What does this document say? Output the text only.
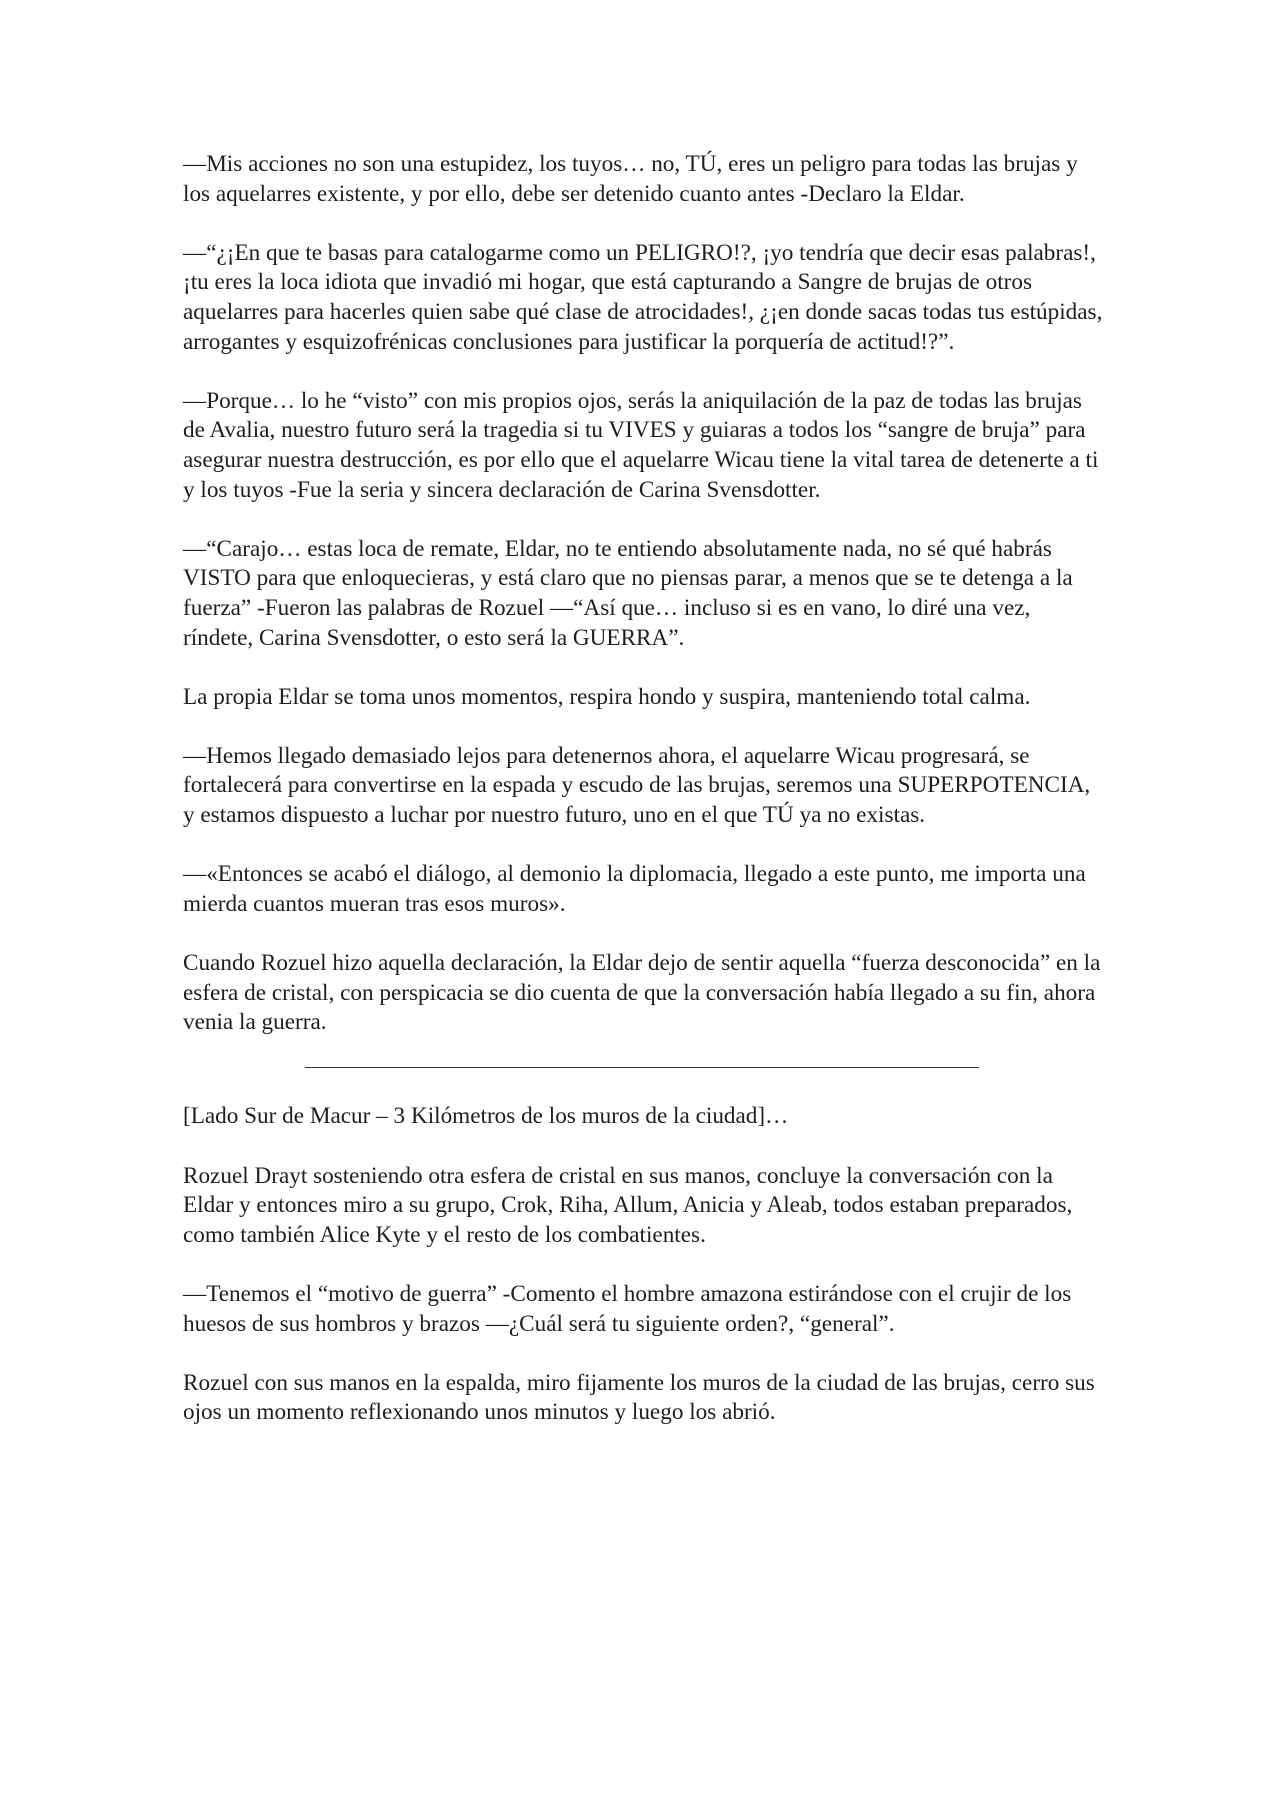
—Mis acciones no son una estupidez, los tuyos… no, TÚ, eres un peligro para todas las brujas y los aquelarres existente, y por ello, debe ser detenido cuanto antes -Declaro la Eldar.

—“¿¡En que te basas para catalogarme como un PELIGRO!?, ¡yo tendría que decir esas palabras!, ¡tu eres la loca idiota que invadió mi hogar, que está capturando a Sangre de brujas de otros aquelarres para hacerles quien sabe qué clase de atrocidades!, ¿¡en donde sacas todas tus estúpidas, arrogantes y esquizofrénicas conclusiones para justificar la porquería de actitud!?”.

—Porque… lo he “visto” con mis propios ojos, serás la aniquilación de la paz de todas las brujas de Avalia, nuestro futuro será la tragedia si tu VIVES y guiaras a todos los “sangre de bruja” para asegurar nuestra destrucción, es por ello que el aquelarre Wicau tiene la vital tarea de detenerte a ti y los tuyos -Fue la seria y sincera declaración de Carina Svensdotter.

—“Carajo… estas loca de remate, Eldar, no te entiendo absolutamente nada, no sé qué habrás VISTO para que enloquecieras, y está claro que no piensas parar, a menos que se te detenga a la fuerza” -Fueron las palabras de Rozuel —“Así que… incluso si es en vano, lo diré una vez, ríndete, Carina Svensdotter, o esto será la GUERRA”.

La propia Eldar se toma unos momentos, respira hondo y suspira, manteniendo total calma.

—Hemos llegado demasiado lejos para detenernos ahora, el aquelarre Wicau progresará, se fortalecerá para convertirse en la espada y escudo de las brujas, seremos una SUPERPOTENCIA, y estamos dispuesto a luchar por nuestro futuro, uno en el que TÚ ya no existas.

—«Entonces se acabó el diálogo, al demonio la diplomacia, llegado a este punto, me importa una mierda cuantos mueran tras esos muros».

Cuando Rozuel hizo aquella declaración, la Eldar dejo de sentir aquella “fuerza desconocida” en la esfera de cristal, con perspicacia se dio cuenta de que la conversación había llegado a su fin, ahora venia la guerra.

[Lado Sur de Macur – 3 Kilómetros de los muros de la ciudad]…

Rozuel Drayt sosteniendo otra esfera de cristal en sus manos, concluye la conversación con la Eldar y entonces miro a su grupo, Crok, Riha, Allum, Anicia y Aleab, todos estaban preparados, como también Alice Kyte y el resto de los combatientes.

—Tenemos el “motivo de guerra” -Comento el hombre amazona estirándose con el crujir de los huesos de sus hombros y brazos —¿Cuál será tu siguiente orden?, “general”.

Rozuel con sus manos en la espalda, miro fijamente los muros de la ciudad de las brujas, cerro sus ojos un momento reflexionando unos minutos y luego los abrió.
